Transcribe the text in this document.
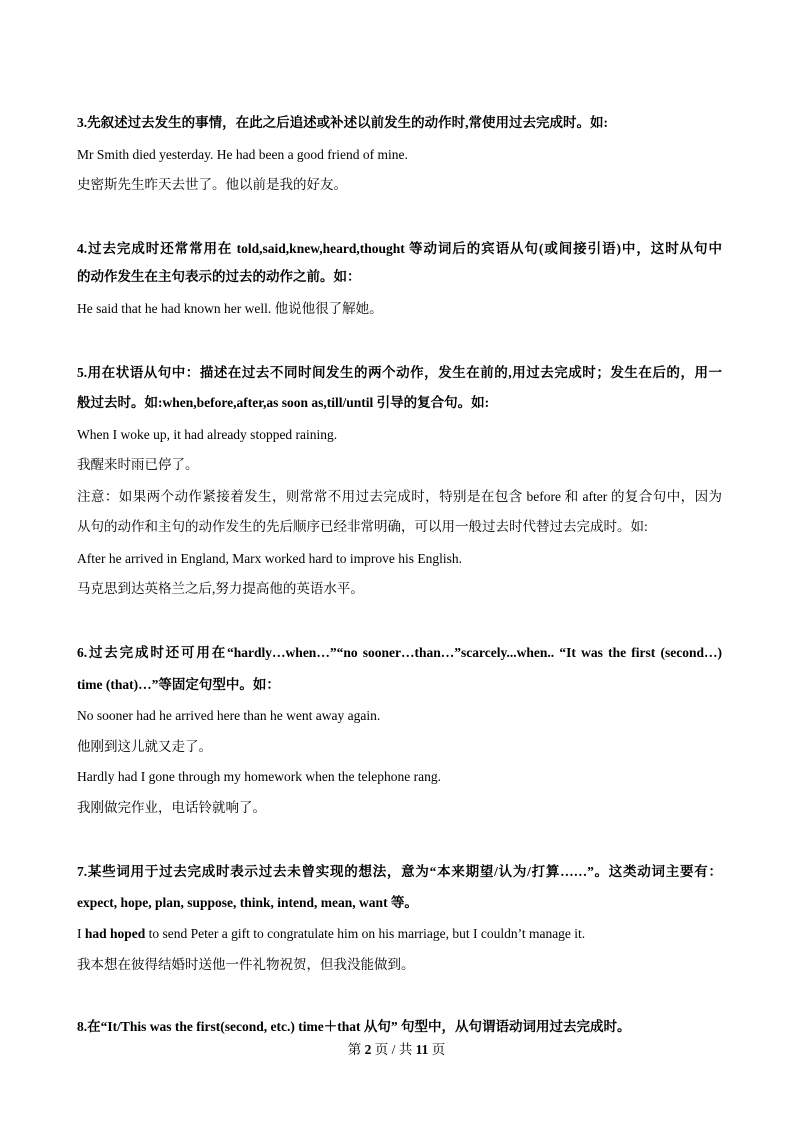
3.先叙述过去发生的事情，在此之后追述或补述以前发生的动作时,常使用过去完成时。如:
Mr Smith died yesterday. He had been a good friend of mine.
史密斯先生昨天去世了。他以前是我的好友。
4.过去完成时还常常用在 told,said,knew,heard,thought 等动词后的宾语从句(或间接引语)中，这时从句中
的动作发生在主句表示的过去的动作之前。如：
He said that he had known her well. 他说他很了解她。
5.用在状语从句中：描述在过去不同时间发生的两个动作，发生在前的,用过去完成时；发生在后的，用一
般过去时。如:when,before,after,as soon as,till/until 引导的复合句。如:
When I woke up, it had already stopped raining.
我醒来时雨已停了。
注意：如果两个动作紧接着发生，则常常不用过去完成时，特别是在包含 before 和 after 的复合句中，因为
从句的动作和主句的动作发生的先后顺序已经非常明确，可以用一般过去时代替过去完成时。如:
After he arrived in England, Marx worked hard to improve his English.
马克思到达英格兰之后,努力提高他的英语水平。
6.过去完成时还可用在“hardly…when…”“no sooner…than…”scarcely...when.. “It was the first (second…)
time (that)…”等固定句型中。如：
No sooner had he arrived here than he went away again.
他刚到这儿就又走了。
Hardly had I gone through my homework when the telephone rang.
我刚做完作业，电话铃就响了。
7.某些词用于过去完成时表示过去未曾实现的想法，意为“本来期望/认为/打算……”。这类动词主要有：
expect, hope, plan, suppose, think, intend, mean, want 等。
I had hoped to send Peter a gift to congratulate him on his marriage, but I couldn’t manage it.
我本想在彼得结婚时送他一件礼物祝贺，但我没能做到。
8.在“It/This was the first(second, etc.) time＋that 从句” 句型中，从句谓语动词用过去完成时。
第 2 页 / 共 11 页
